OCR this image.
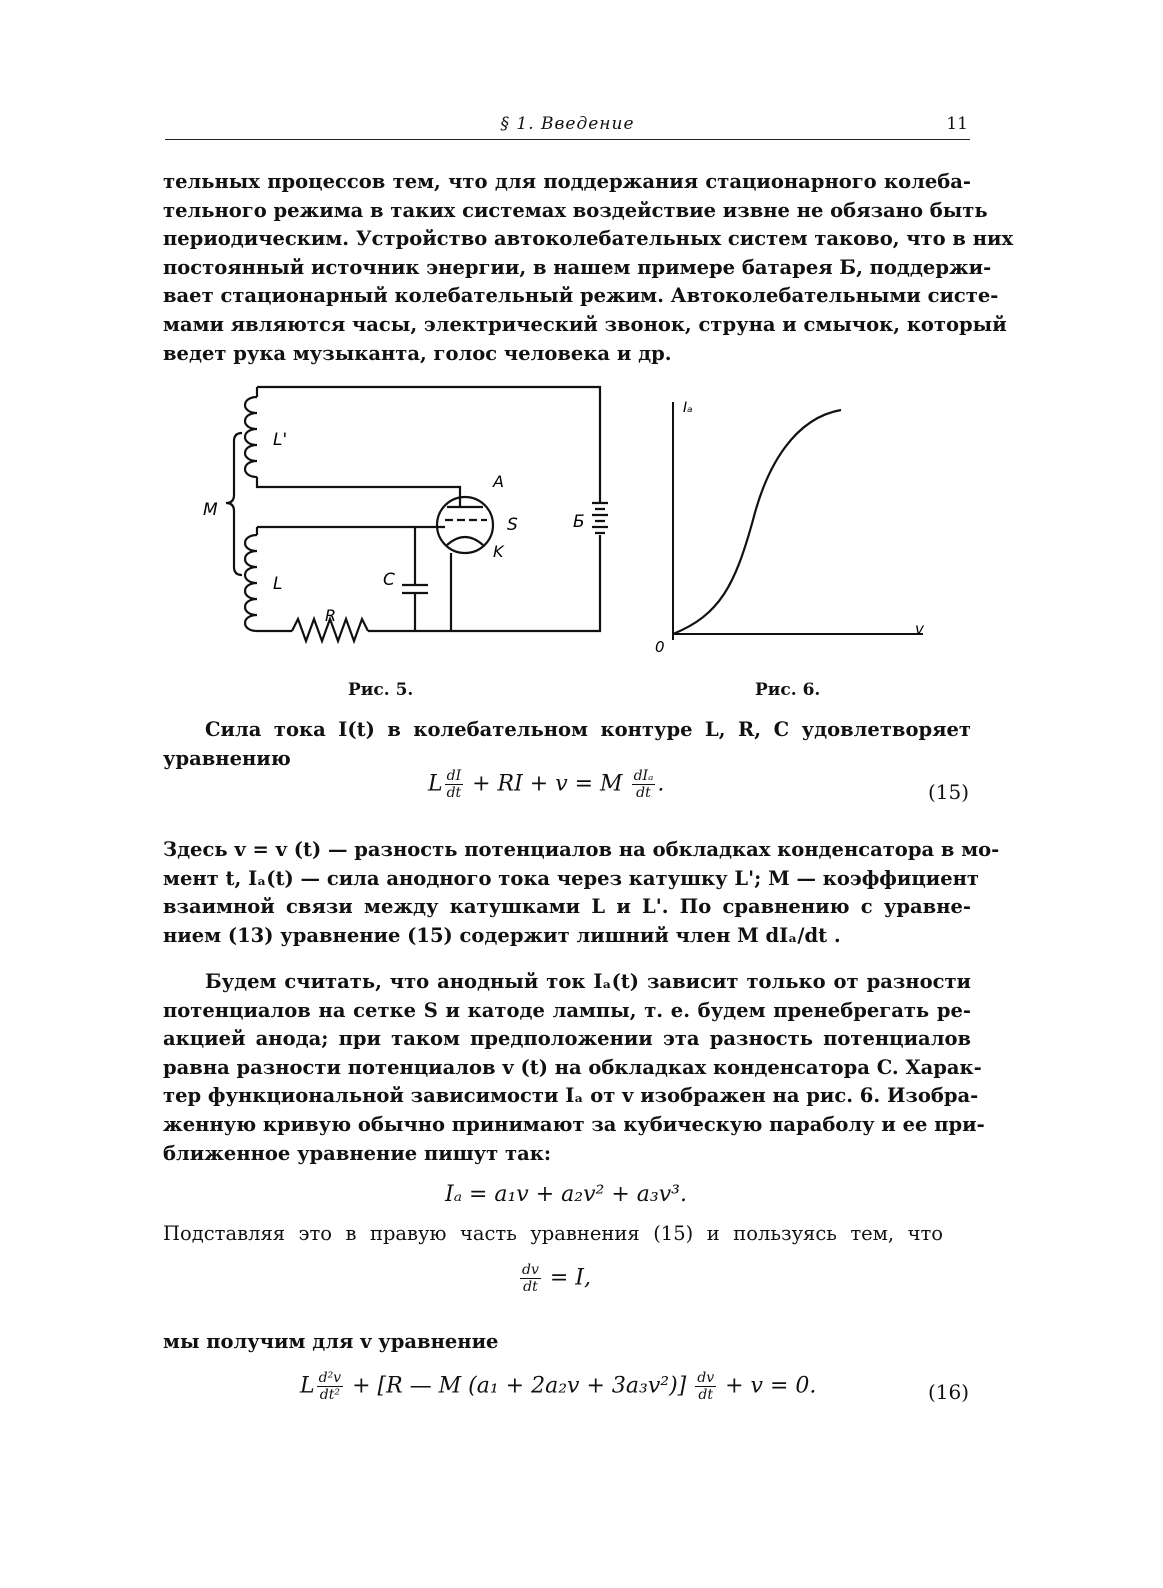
§ 1. Введение	11
тельных процессов тем, что для поддержания стационарного колеба-
тельного режима в таких системах воздействие извне не обязано быть
периодическим. Устройство автоколебательных систем таково, что в них
постоянный источник энергии, в нашем примере батарея Б, поддержи-
вает стационарный колебательный режим. Автоколебательными систе-
мами являются часы, электрический звонок, струна и смычок, который
ведет рука музыканта, голос человека и др.
L'
M
L
R
C
A
S
K
Б
Iₐ
v
0
Рис. 5.	Рис. 6.
Сила тока I(t) в колебательном контуре L, R, C удовлетворяет
уравнению
L $\frac{dI}{dt}$ + RI + v = M $\frac{\text{dIₐ}}{dt}$ .	(15)
Здесь v = v (t) — разность потенциалов на обкладках конденсатора в мо-
мент t, Iₐ(t) — сила анодного тока через катушку L'; M — коэффициент
взаимной связи между катушками L и L'. По сравнению с уравне-
нием (13) уравнение (15) содержит лишний член M dIₐ/dt .
Будем считать, что анодный ток Iₐ(t) зависит только от разности
потенциалов на сетке S и катоде лампы, т. е. будем пренебрегать ре-
акцией анода; при таком предположении эта разность потенциалов
равна разности потенциалов v (t) на обкладках конденсатора C. Харак-
тер функциональной зависимости Iₐ от v изображен на рис. 6. Изобра-
женную кривую обычно принимают за кубическую параболу и ее при-
ближенное уравнение пишут так:
Iₐ = a₁v + a₂v² + a₃v³.
Подставляя это в правую часть уравнения (15) и пользуясь тем, что
$\frac{dv}{dt} = I$,
мы получим для v уравнение
L $\frac{\text{d²v}}{\text{dt²}} + [R$ — M $(a_1 + 2a_2v + 3a_3v^2)] \frac{dv}{dt} + v = 0$.	(16)
